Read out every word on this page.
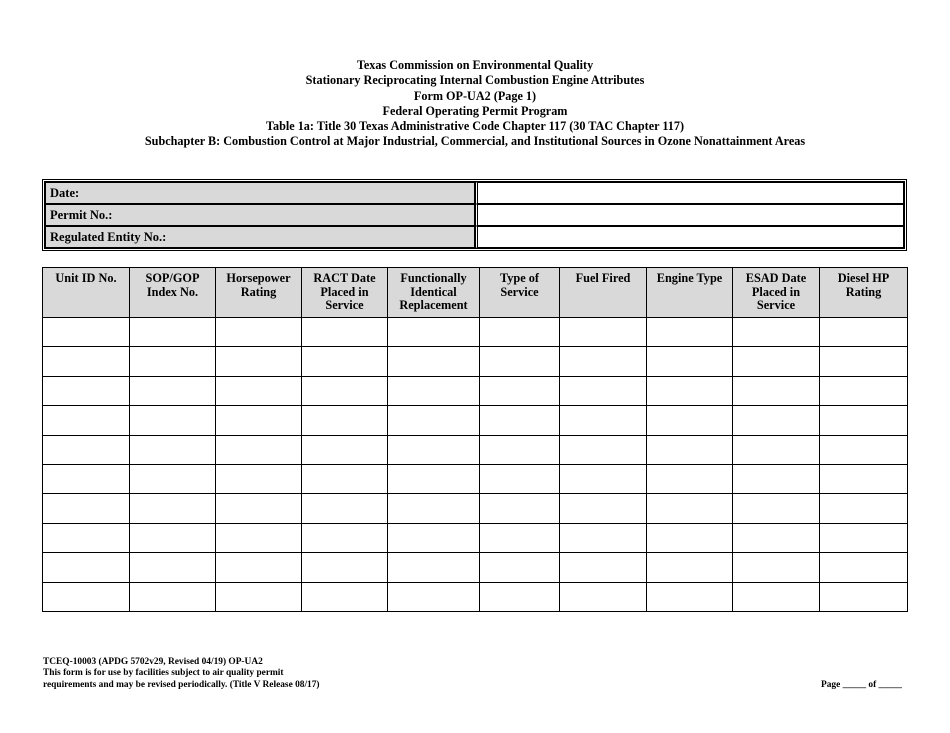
Texas Commission on Environmental Quality
Stationary Reciprocating Internal Combustion Engine Attributes
Form OP-UA2 (Page 1)
Federal Operating Permit Program
Table 1a: Title 30 Texas Administrative Code Chapter 117 (30 TAC Chapter 117)
Subchapter B: Combustion Control at Major Industrial, Commercial, and Institutional Sources in Ozone Nonattainment Areas
Date:	
Permit No.:	
Regulated Entity No.:	
Unit ID No.	SOP/GOP Index No.	Horsepower Rating	RACT Date Placed in Service	Functionally Identical Replacement	Type of Service	Fuel Fired	Engine Type	ESAD Date Placed in Service	Diesel HP Rating

TCEQ-10003 (APDG 5702v29, Revised 04/19) OP-UA2
This form is for use by facilities subject to air quality permit
requirements and may be revised periodically. (Title V Release 08/17)	Page _____ of _____
